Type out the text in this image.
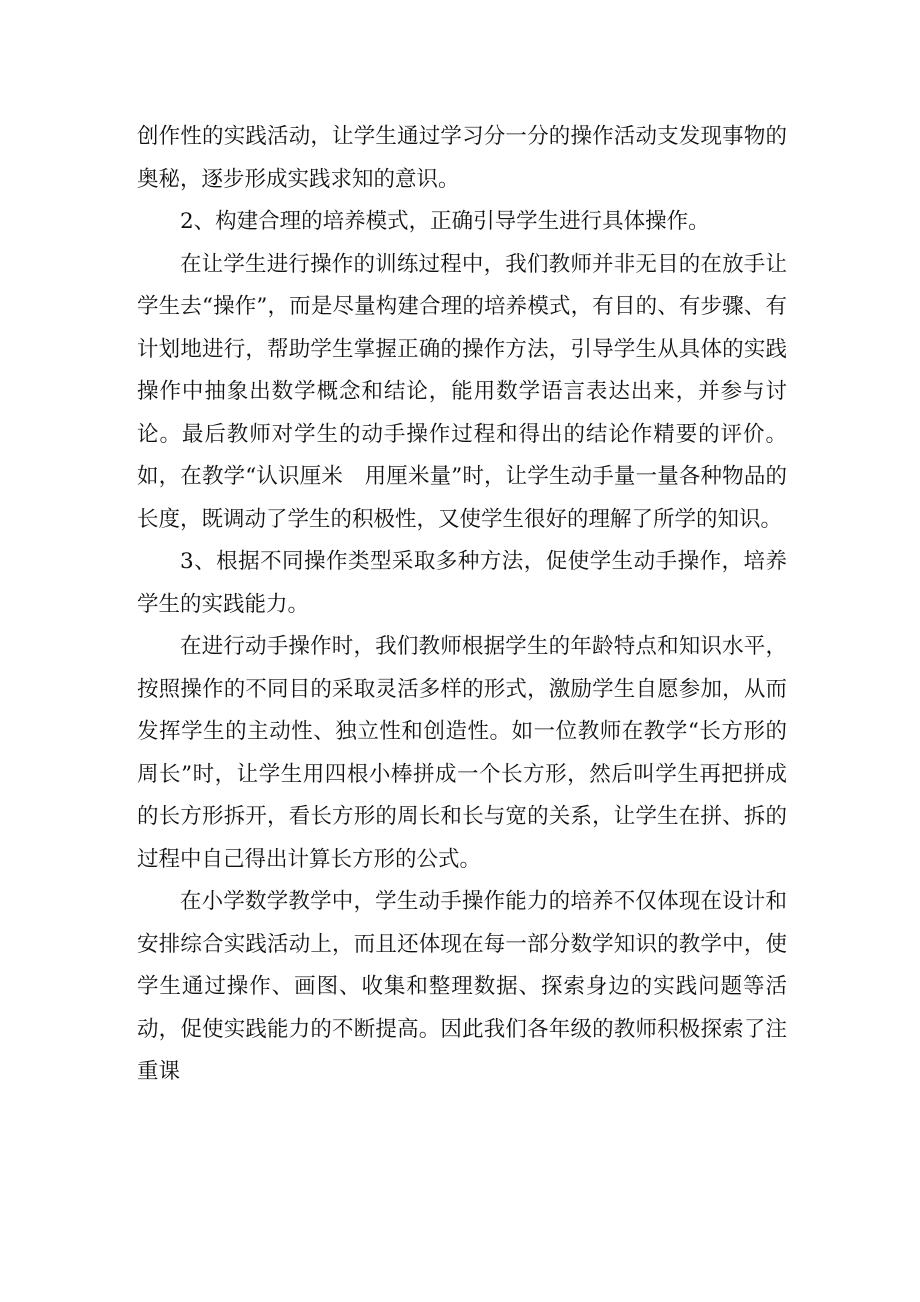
创作性的实践活动，让学生通过学习分一分的操作活动支发现事物的奥秘，逐步形成实践求知的意识。

2、构建合理的培养模式，正确引导学生进行具体操作。

在让学生进行操作的训练过程中，我们教师并非无目的在放手让学生去“操作”，而是尽量构建合理的培养模式，有目的、有步骤、有计划地进行，帮助学生掌握正确的操作方法，引导学生从具体的实践操作中抽象出数学概念和结论，能用数学语言表达出来，并参与讨论。最后教师对学生的动手操作过程和得出的结论作精要的评价。如，在教学“认识厘米　用厘米量”时，让学生动手量一量各种物品的长度，既调动了学生的积极性，又使学生很好的理解了所学的知识。

3、根据不同操作类型采取多种方法，促使学生动手操作，培养学生的实践能力。

在进行动手操作时，我们教师根据学生的年龄特点和知识水平，按照操作的不同目的采取灵活多样的形式，激励学生自愿参加，从而发挥学生的主动性、独立性和创造性。如一位教师在教学“长方形的周长”时，让学生用四根小棒拼成一个长方形，然后叫学生再把拼成的长方形拆开，看长方形的周长和长与宽的关系，让学生在拼、拆的过程中自己得出计算长方形的公式。

在小学数学教学中，学生动手操作能力的培养不仅体现在设计和安排综合实践活动上，而且还体现在每一部分数学知识的教学中，使学生通过操作、画图、收集和整理数据、探索身边的实践问题等活动，促使实践能力的不断提高。因此我们各年级的教师积极探索了注重课
